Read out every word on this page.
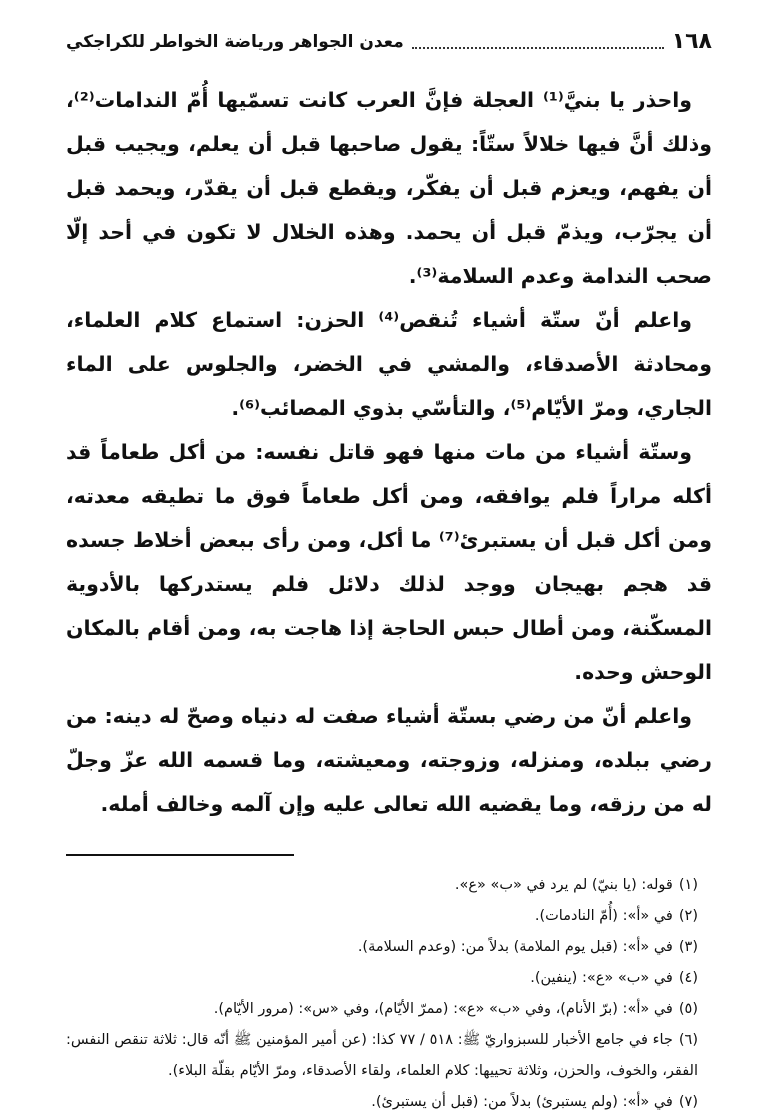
١٦٨
معدن الجواهر ورياضة الخواطر للكراجكي

واحذر يا بنيَّ⁽¹⁾ العجلة فإنَّ العرب كانت تسمّيها أُمّ الندامات⁽²⁾، وذلك أنَّ فيها خلالاً ستّاً: يقول صاحبها قبل أن يعلم، ويجيب قبل أن يفهم، ويعزم قبل أن يفكّر، ويقطع قبل أن يقدّر، ويحمد قبل أن يجرّب، ويذمّ قبل أن يحمد. وهذه الخلال لا تكون في أحد إلّا صحب الندامة وعدم السلامة⁽³⁾.

واعلم أنّ ستّة أشياء تُنقص⁽⁴⁾ الحزن: استماع كلام العلماء، ومحادثة الأصدقاء، والمشي في الخضر، والجلوس على الماء الجاري، ومرّ الأيّام⁽⁵⁾، والتأسّي بذوي المصائب⁽⁶⁾.

وستّة أشياء من مات منها فهو قاتل نفسه: من أكل طعاماً قد أكله مراراً فلم يوافقه، ومن أكل طعاماً فوق ما تطيقه معدته، ومن أكل قبل أن يستبرئ⁽⁷⁾ ما أكل، ومن رأى ببعض أخلاط جسده قد هجم بهيجان ووجد لذلك دلائل فلم يستدركها بالأدوية المسكّنة، ومن أطال حبس الحاجة إذا هاجت به، ومن أقام بالمكان الوحش وحده.

واعلم أنّ من رضي بستّة أشياء صفت له دنياه وصحّ له دينه: من رضي ببلده، ومنزله، وزوجته، ومعيشته، وما قسمه الله عزّ وجلّ له من رزقه، وما يقضيه الله تعالى عليه وإن آلمه وخالف أمله.

(١)قوله: (يا بنيّ) لم يرد في «ب» «ع».

(٢)في «أ»: (أُمّ النادمات).

(٣)في «أ»: (قبل يوم الملامة) بدلاً من: (وعدم السلامة).

(٤)في «ب» «ع»: (ينفين).

(٥)في «أ»: (برّ الأنام)، وفي «ب» «ع»: (ممرّ الأيّام)، وفي «س»: (مرور الأيّام).

(٦)جاء في جامع الأخبار للسبزواريّ ﷺ: ٥١٨ / ٧٧ كذا: (عن أمير المؤمنين ﷺ أنّه قال: ثلاثة تنقص النفس: الفقر، والخوف، والحزن، وثلاثة تحييها: كلام العلماء، ولقاء الأصدقاء، ومرّ الأيّام بقلّة البلاء).

(٧)في «أ»: (ولم يستبرئ) بدلاً من: (قبل أن يستبرئ).
